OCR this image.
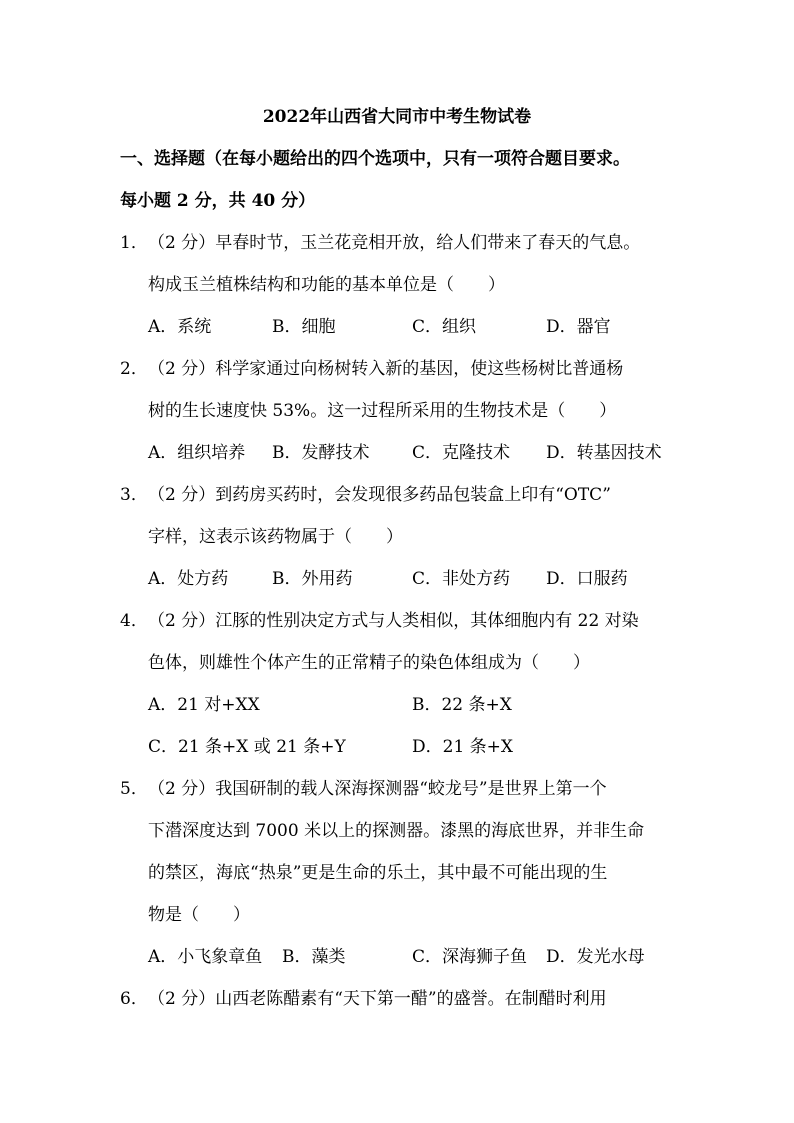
2022年山西省大同市中考生物试卷
一、选择题（在每小题给出的四个选项中，只有一项符合题目要求。
每小题 2 分，共 40 分）
1． （2 分）早春时节，玉兰花竞相开放，给人们带来了春天的气息。
构成玉兰植株结构和功能的基本单位是（　　）
A．系统	B．细胞	C．组织	D．器官
2． （2 分）科学家通过向杨树转入新的基因，使这些杨树比普通杨
树的生长速度快 53%。这一过程所采用的生物技术是（　　）
A．组织培养 B．发酵技术	C．克隆技术 D．转基因技术
3． （2 分）到药房买药时，会发现很多药品包装盒上印有“OTC”
字样，这表示该药物属于（　　）
A．处方药	B．外用药	C．非处方药 D．口服药
4． （2 分）江豚的性别决定方式与人类相似，其体细胞内有 22 对染
色体，则雄性个体产生的正常精子的染色体组成为（　　）
A．21 对+XX	B．22 条+X
C．21 条+X 或 21 条+Y	D．21 条+X
5． （2 分）我国研制的载人深海探测器“蛟龙号”是世界上第一个
下潜深度达到 7000 米以上的探测器。漆黑的海底世界，并非生命
的禁区，海底“热泉”更是生命的乐土，其中最不可能出现的生
物是（　　）
A．小飞象章鱼 B．藻类	C．深海狮子鱼 D．发光水母
6． （2 分）山西老陈醋素有“天下第一醋”的盛誉。在制醋时利用
